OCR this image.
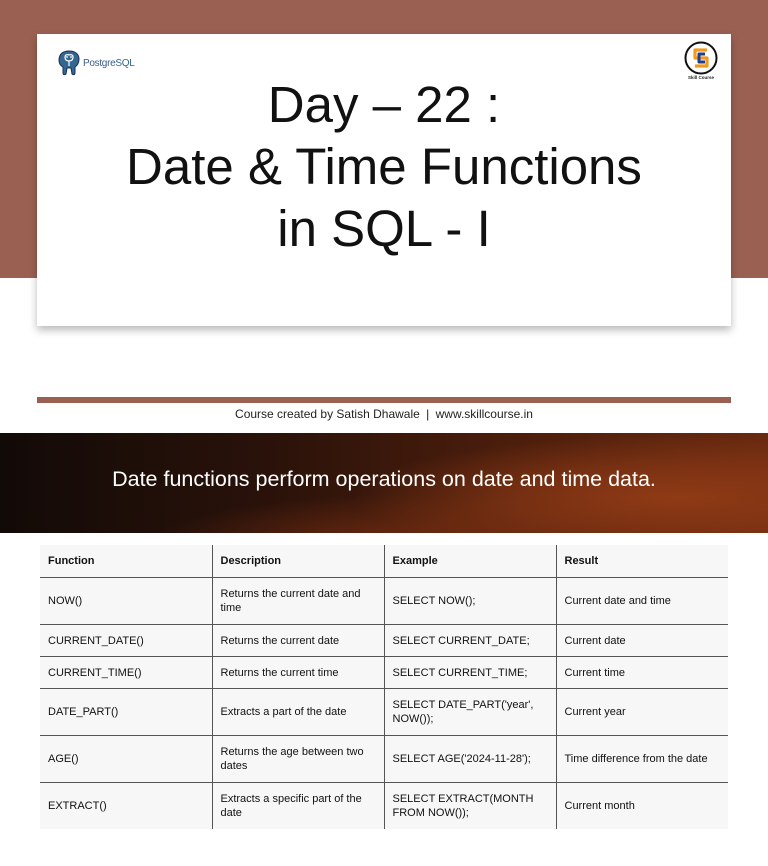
PostgreSQL
Skill Course
Day – 22 :
Date & Time Functions
in SQL - I
Course created by Satish Dhawale | www.skillcourse.in
Date functions perform operations on date and time data.
Function	Description	Example	Result
NOW()	Returns the current date and time	SELECT NOW();	Current date and time
CURRENT_DATE()	Returns the current date	SELECT CURRENT_DATE;	Current date
CURRENT_TIME()	Returns the current time	SELECT CURRENT_TIME;	Current time
DATE_PART()	Extracts a part of the date	SELECT DATE_PART('year', NOW());	Current year
AGE()	Returns the age between two dates	SELECT AGE('2024-11-28');	Time difference from the date
EXTRACT()	Extracts a specific part of the date	SELECT EXTRACT(MONTH FROM NOW());	Current month
